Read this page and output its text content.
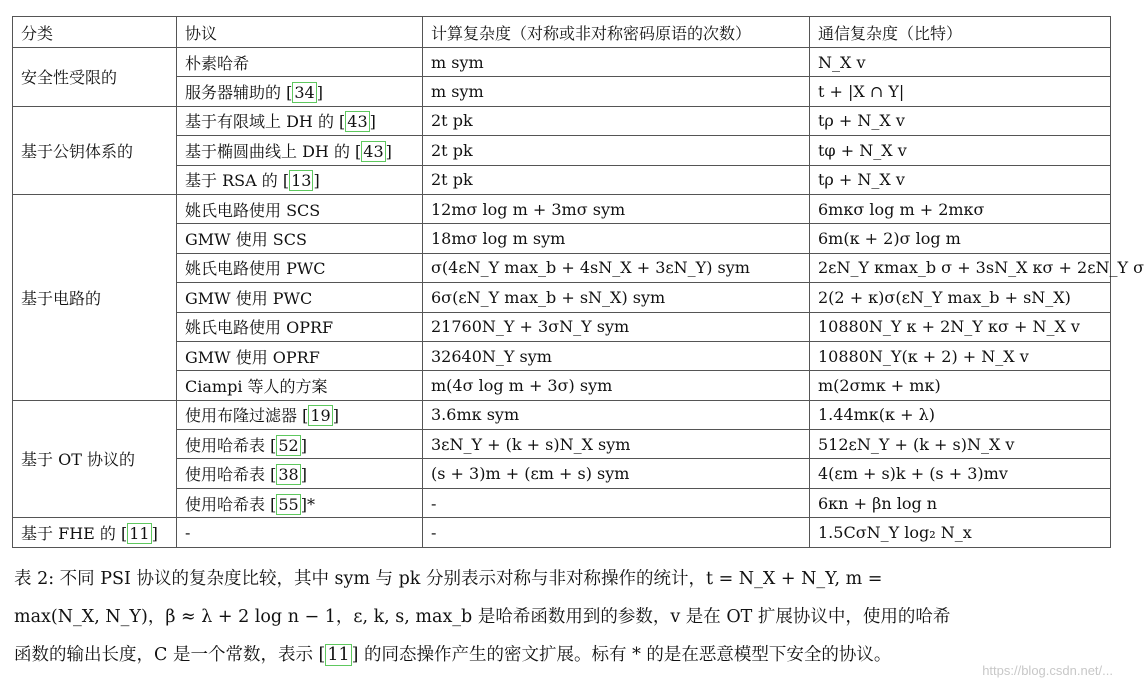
分类	协议	计算复杂度（对称或非对称密码原语的次数）	通信复杂度（比特）
安全性受限的	朴素哈希	m sym	N_X v
	服务器辅助的 [ 34 ]	m sym	t + |X ∩ Y|
基于公钥体系的	基于有限域上 DH 的 [ 43 ]	2t pk	tρ + N_X v
	基于椭圆曲线上 DH 的 [ 43 ]	2t pk	tφ + N_X v
	基于 RSA 的 [ 13 ]	2t pk	tρ + N_X v
基于电路的	姚氏电路使用 SCS	12mσ log m + 3mσ sym	6mκσ log m + 2mκσ
	GMW 使用 SCS	18mσ log m sym	6m(κ + 2)σ log m
	姚氏电路使用 PWC	σ(4εN_Y max_b + 4sN_X + 3εN_Y) sym	2εN_Y κmax_b σ + 3sN_X κσ + 2εN_Y σ
	GMW 使用 PWC	6σ(εN_Y max_b + sN_X) sym	2(2 + κ)σ(εN_Y max_b + sN_X)
	姚氏电路使用 OPRF	21760N_Y + 3σN_Y sym	10880N_Y κ + 2N_Y κσ + N_X v
	GMW 使用 OPRF	32640N_Y sym	10880N_Y(κ + 2) + N_X v
	Ciampi 等人的方案	m(4σ log m + 3σ) sym	m(2σmκ + mκ)
基于 OT 协议的	使用布隆过滤器 [ 19 ]	3.6mκ sym	1.44mκ(κ + λ)
	使用哈希表 [ 52 ]	3εN_Y + (k + s)N_X sym	512εN_Y + (k + s)N_X v
	使用哈希表 [ 38 ]	(s + 3)m + (εm + s) sym	4(εm + s)k + (s + 3)mv
	使用哈希表 [ 55 ]*	-	6κn + βn log n
基于 FHE 的 [ 11 ]	-	-	1.5CσN_Y log₂ N_x
表 2: 不同 PSI 协议的复杂度比较，其中 sym 与 pk 分别表示对称与非对称操作的统计，t = N_X + N_Y, m =
max(N_X, N_Y)，β ≈ λ + 2 log n − 1，ε, k, s, max_b 是哈希函数用到的参数，v 是在 OT 扩展协议中，使用的哈希
函数的输出长度，C 是一个常数，表示 [ 11 ] 的同态操作产生的密文扩展。标有 * 的是在恶意模型下安全的协议。
https://blog.csdn.net/...
